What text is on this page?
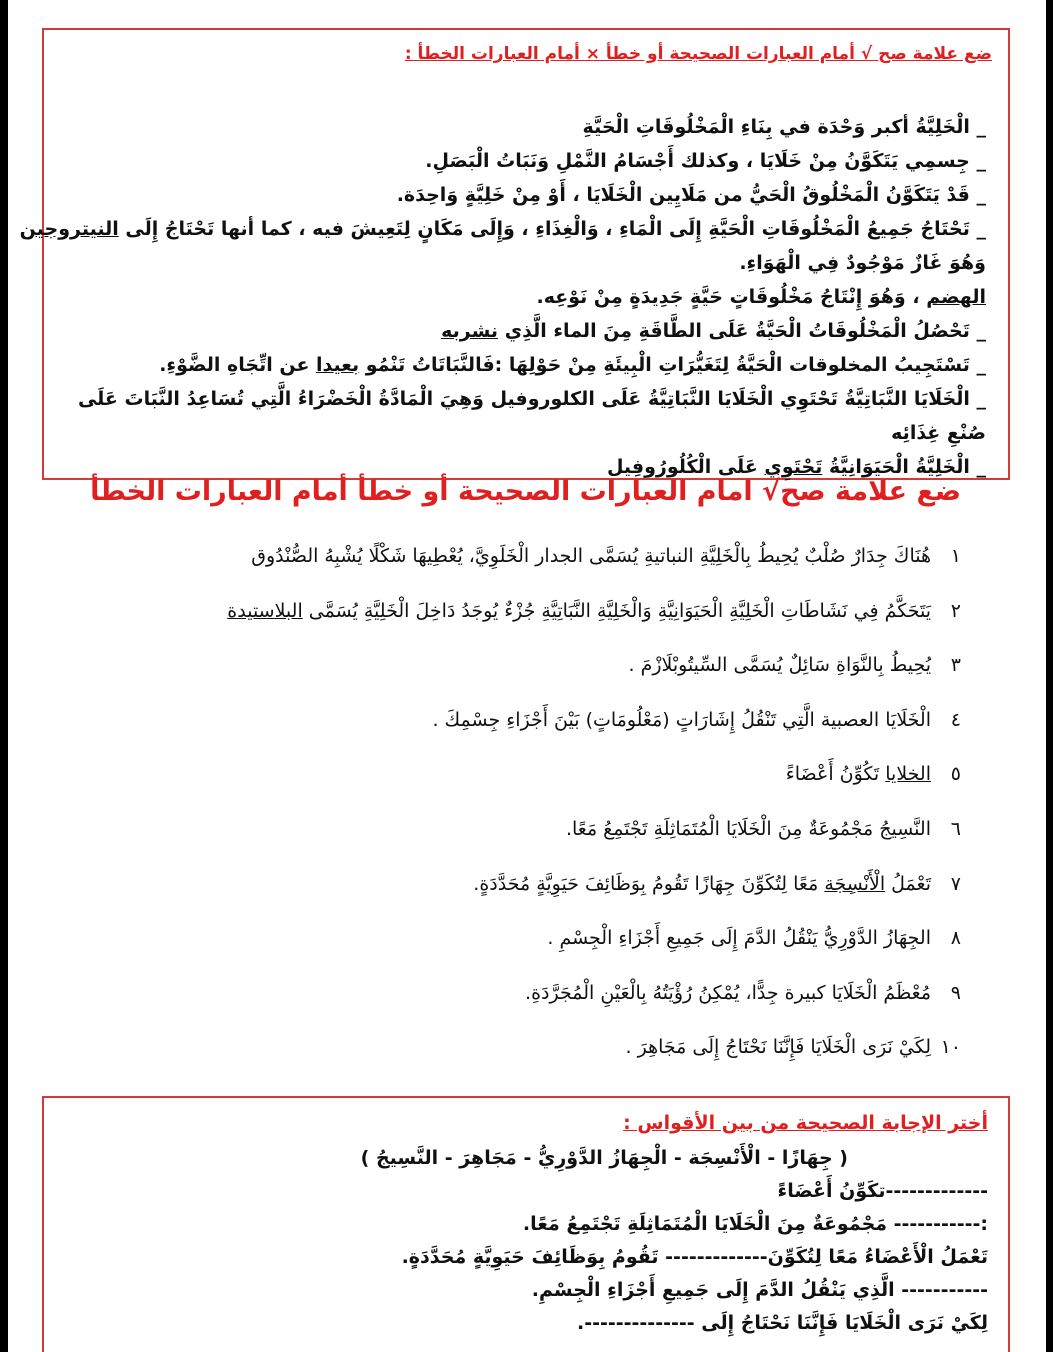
ضع علامة صح √ أمام العبارات الصحيحة أو خطأ × أمام العبارات الخطأ :
_ الْخَلِيَّةُ أكبر وَحْدَة في بِنَاءِ الْمَخْلُوقَاتِ الْحَيَّةِ
_ جِسمِي يَتَكَوَّنُ مِنْ خَلَايَا ، وكذلك أَجْسَامُ النَّمْلِ وَنَبَاتُ الْبَصَلِ.
_ قَدْ يَتَكَوَّنُ الْمَخْلُوقُ الْحَيُّ من مَلَايِين الْخَلَايَا ، أَوْ مِنْ خَلِيَّةٍ وَاحِدَة.
_ تَحْتَاجُ جَمِيعُ الْمَخْلُوقَاتِ الْحَيَّةِ إِلَى الْمَاءِ ، وَالْغِذَاءِ ، وَإِلَى مَكَانٍ لِتَعِيشَ فيه ، كما أنها تَحْتَاجُ إِلَى النيتروجين
وَهُوَ غَازٌ مَوْجُودٌ فِي الْهَوَاءِ.
الهضم ، وَهُوَ إِنْتَاجُ مَخْلُوقَاتٍ حَيَّةٍ جَدِيدَةٍ مِنْ نَوْعِه.
_ تَحْصُلُ الْمَخْلُوقَاتُ الْحَيَّةُ عَلَى الطَّاقَةِ مِنَ الماء الَّذِي نشربه
_ تَسْتَجِيبُ المخلوقات الْحَيَّةُ لِتَغَيُّرَاتِ الْبِيئَةِ مِنْ حَوْلِهَا :فَالنَّبَاتَاتُ تَنْمُو بعيدا عن اتِّجَاهِ الضَّوْءِ.
_ الْخَلَايَا النَّبَاتِيَّةُ تَحْتَوِي الْخَلَايَا النَّبَاتِيَّةُ عَلَى الكلوروفيل وَهِيَ الْمَادَّةُ الْخَضْرَاءُ الَّتِي تُسَاعِدُ النَّبَاتَ عَلَى صُنْعِ غِذَائِه
_ الْخَلِيَّةُ الْحَيَوَانِيَّةُ تَحْتَوِي عَلَى الْكُلُورُوفِيل
ضع علامة صح√ امام العبارات الصحيحة أو خطأ أمام العبارات الخطأ
١هُنَاكَ جِدَارٌ صُلْبٌ يُحِيطُ بِالْخَلِيَّةِ النباتيةِ يُسَمَّى الجدار الْخَلَوِيَّ، يُعْطِيهَا شَكْلًا يُشْبِهُ الصُّنْدُوق
٢يَتَحَكَّمُ فِي نَشَاطَاتِ الْخَلِيَّةِ الْحَيَوَانِيَّةِ وَالْخَلِيَّةِ النَّبَاتِيَّةِ جُزْءٌ يُوجَدُ دَاخِلَ الْخَلِيَّةِ يُسَمَّى البلاستيدة
٣يُحِيطُ بِالنَّوَاةِ سَائِلٌ يُسَمَّى السِّيتُوبْلَازْمَ .
٤الْخَلَايَا العصبية الَّتِي تَنْقُلُ إِشَارَاتٍ (مَعْلُومَاتٍ) بَيْنَ أَجْزَاءِ جِسْمِكَ .
٥الخلايا تَكُوِّنُ أَعْضَاءً
٦النَّسِيجُ مَجْمُوعَةٌ مِنَ الْخَلَايَا الْمُتَمَاثِلَةِ تَجْتَمِعُ مَعًا.
٧تَعْمَلُ الْأَنْسِجَة مَعًا لِتُكَوِّنَ جِهَازًا تَقُومُ بِوَظَائِفَ حَيَوِيَّةٍ مُحَدَّدَةٍ.
٨الجِهَازُ الدَّوْرِيُّ يَنْقُلُ الدَّمَ إِلَى جَمِيعِ أَجْزَاءِ الْجِسْمِ .
٩مُعْظَمُ الْخَلَايَا كبيرة جِدًّا، يُمْكِنُ رُؤْيَتُهُ بِالْعَيْنِ الْمُجَرَّدَةِ.
١٠لِكَيْ نَرَى الْخَلَايَا فَإِنَّنَا نَحْتَاجُ إِلَى مَجَاهِرَ .
أختر الإجابة الصحيحة من بين الأقواس :
( جِهَازًا - الْأَنْسِجَة - الْجِهَازُ الدَّوْرِيُّ - مَجَاهِرَ - النَّسِيجُ )
-------------تكَوِّنُ أَعْضَاءً
:----------- مَجْمُوعَةٌ مِنَ الْخَلَايَا الْمُتَمَاثِلَةِ تَجْتَمِعُ مَعًا.
تَعْمَلُ الْأَعْضَاءُ مَعًا لِتُكَوِّنَ------------- تَقُومُ بِوَظَائِفَ حَيَوِيَّةٍ مُحَدَّدَةٍ.
----------- الَّذِي يَنْقُلُ الدَّمَ إِلَى جَمِيعِ أَجْزَاءِ الْجِسْمِ.
لِكَيْ نَرَى الْخَلَايَا فَإِنَّنَا نَحْتَاجُ إِلَى --------------.
